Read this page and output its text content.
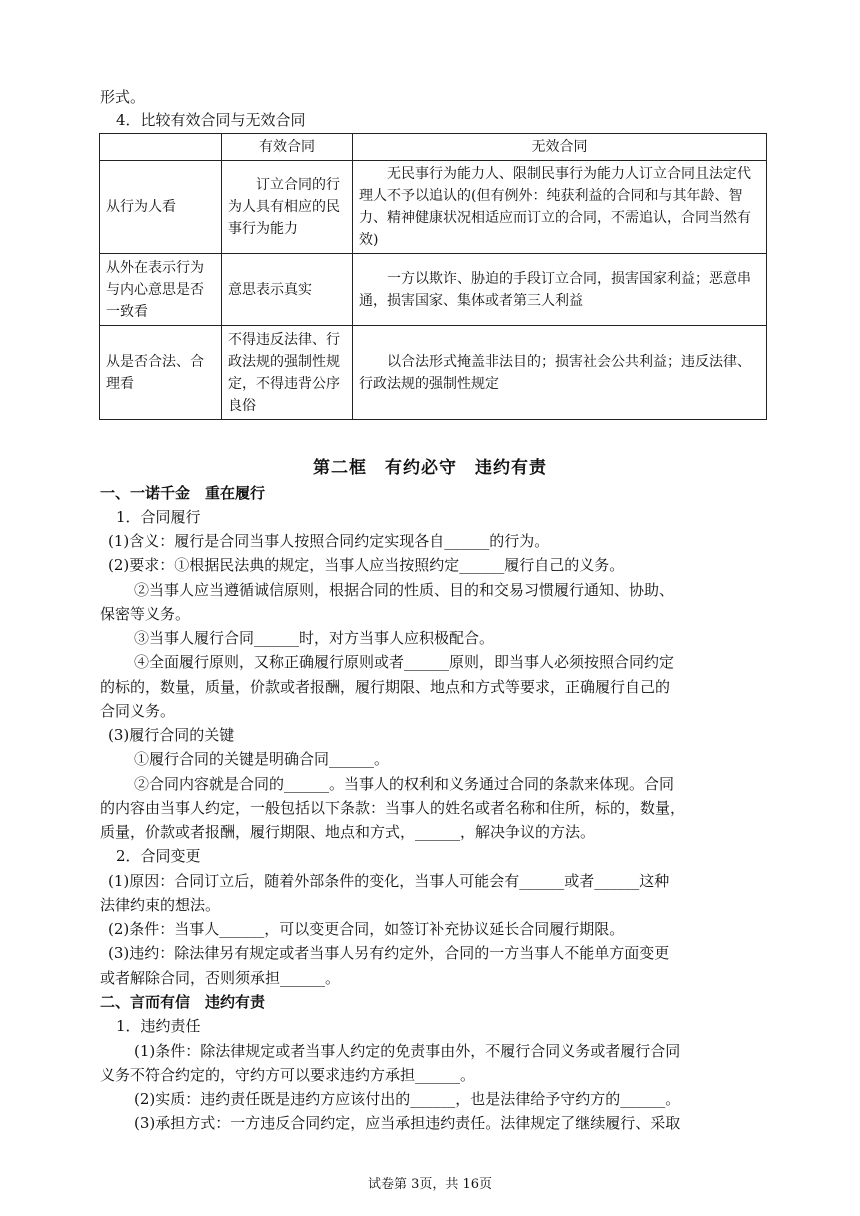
形式。
4．比较有效合同与无效合同
	有效合同	无效合同
从行为人看	订立合同的行为人具有相应的民事行为能力	无民事行为能力人、限制民事行为能力人订立合同且法定代理人不予以追认的(但有例外：纯获利益的合同和与其年龄、智力、精神健康状况相适应而订立的合同，不需追认，合同当然有效)
从外在表示行为与内心意思是否一致看	意思表示真实	一方以欺诈、胁迫的手段订立合同，损害国家利益；恶意串通，损害国家、集体或者第三人利益
从是否合法、合理看	不得违反法律、行政法规的强制性规定，不得违背公序良俗	以合法形式掩盖非法目的；损害社会公共利益；违反法律、行政法规的强制性规定
第二框　有约必守　违约有责
一、一诺千金　重在履行
1．合同履行
(1)含义：履行是合同当事人按照合同约定实现各自______的行为。
(2)要求：①根据民法典的规定，当事人应当按照约定______履行自己的义务。
②当事人应当遵循诚信原则，根据合同的性质、目的和交易习惯履行通知、协助、
保密等义务。
③当事人履行合同______时，对方当事人应积极配合。
④全面履行原则，又称正确履行原则或者______原则，即当事人必须按照合同约定
的标的，数量，质量，价款或者报酬，履行期限、地点和方式等要求，正确履行自己的
合同义务。
(3)履行合同的关键
①履行合同的关键是明确合同______。
②合同内容就是合同的______。当事人的权利和义务通过合同的条款来体现。合同
的内容由当事人约定，一般包括以下条款：当事人的姓名或者名称和住所，标的，数量，
质量，价款或者报酬，履行期限、地点和方式，______，解决争议的方法。
2．合同变更
(1)原因：合同订立后，随着外部条件的变化，当事人可能会有______或者______这种
法律约束的想法。
(2)条件：当事人______，可以变更合同，如签订补充协议延长合同履行期限。
(3)违约：除法律另有规定或者当事人另有约定外，合同的一方当事人不能单方面变更
或者解除合同，否则须承担______。
二、言而有信　违约有责
1．违约责任
(1)条件：除法律规定或者当事人约定的免责事由外，不履行合同义务或者履行合同
义务不符合约定的，守约方可以要求违约方承担______。
(2)实质：违约责任既是违约方应该付出的______，也是法律给予守约方的______。
(3)承担方式：一方违反合同约定，应当承担违约责任。法律规定了继续履行、采取
试卷第 3页，共 16页
